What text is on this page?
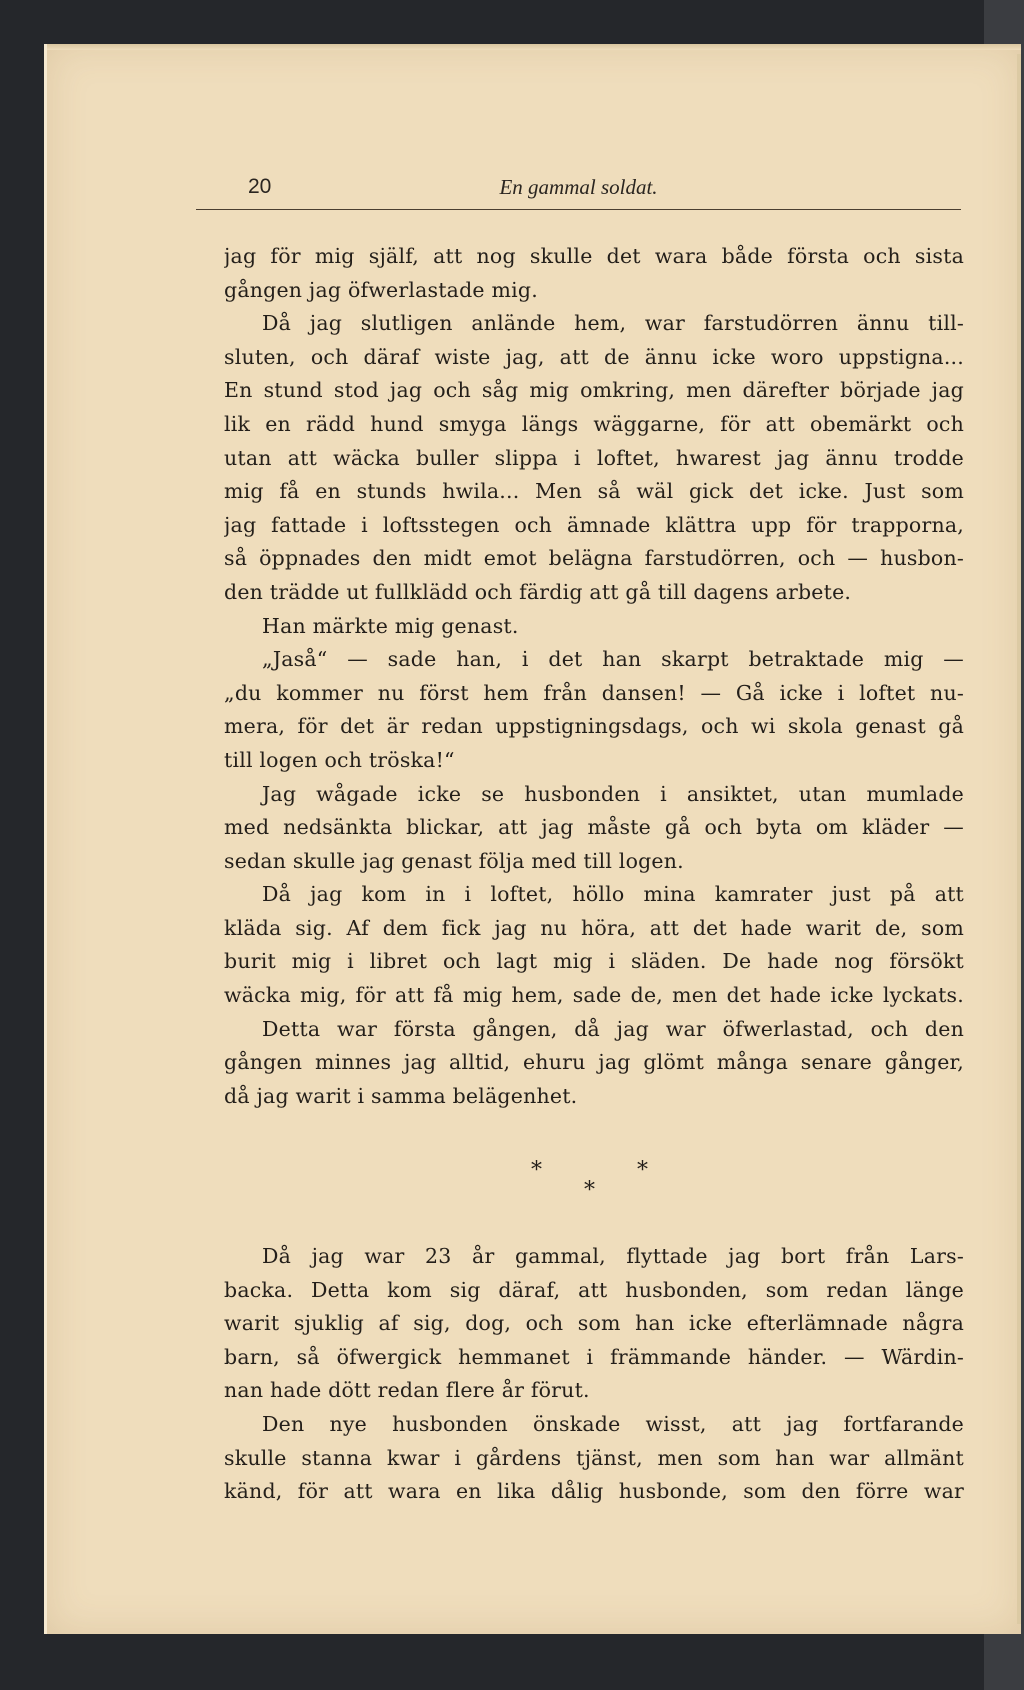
20	En gammal soldat.
jag för mig själf, att nog skulle det wara både första och sista
gången jag öfwerlastade mig.
Då jag slutligen anlände hem, war farstudörren ännu till-
sluten, och däraf wiste jag, att de ännu icke woro uppstigna...
En stund stod jag och såg mig omkring, men därefter började jag
lik en rädd hund smyga längs wäggarne, för att obemärkt och
utan att wäcka buller slippa i loftet, hwarest jag ännu trodde
mig få en stunds hwila... Men så wäl gick det icke. Just som
jag fattade i loftsstegen och ämnade klättra upp för trapporna,
så öppnades den midt emot belägna farstudörren, och — husbon-
den trädde ut fullklädd och färdig att gå till dagens arbete.
Han märkte mig genast.
„Jaså“ — sade han, i det han skarpt betraktade mig —
„du kommer nu först hem från dansen! — Gå icke i loftet nu-
mera, för det är redan uppstigningsdags, och wi skola genast gå
till logen och tröska!“
Jag wågade icke se husbonden i ansiktet, utan mumlade
med nedsänkta blickar, att jag måste gå och byta om kläder —
sedan skulle jag genast följa med till logen.
Då jag kom in i loftet, höllo mina kamrater just på att
kläda sig. Af dem fick jag nu höra, att det hade warit de, som
burit mig i libret och lagt mig i släden. De hade nog försökt
wäcka mig, för att få mig hem, sade de, men det hade icke lyckats.
Detta war första gången, då jag war öfwerlastad, och den
gången minnes jag alltid, ehuru jag glömt många senare gånger,
då jag warit i samma belägenhet.
*	*
*
Då jag war 23 år gammal, flyttade jag bort från Lars-
backa. Detta kom sig däraf, att husbonden, som redan länge
warit sjuklig af sig, dog, och som han icke efterlämnade några
barn, så öfwergick hemmanet i främmande händer. — Wärdin-
nan hade dött redan flere år förut.
Den nye husbonden önskade wisst, att jag fortfarande
skulle stanna kwar i gårdens tjänst, men som han war allmänt
känd, för att wara en lika dålig husbonde, som den förre war
